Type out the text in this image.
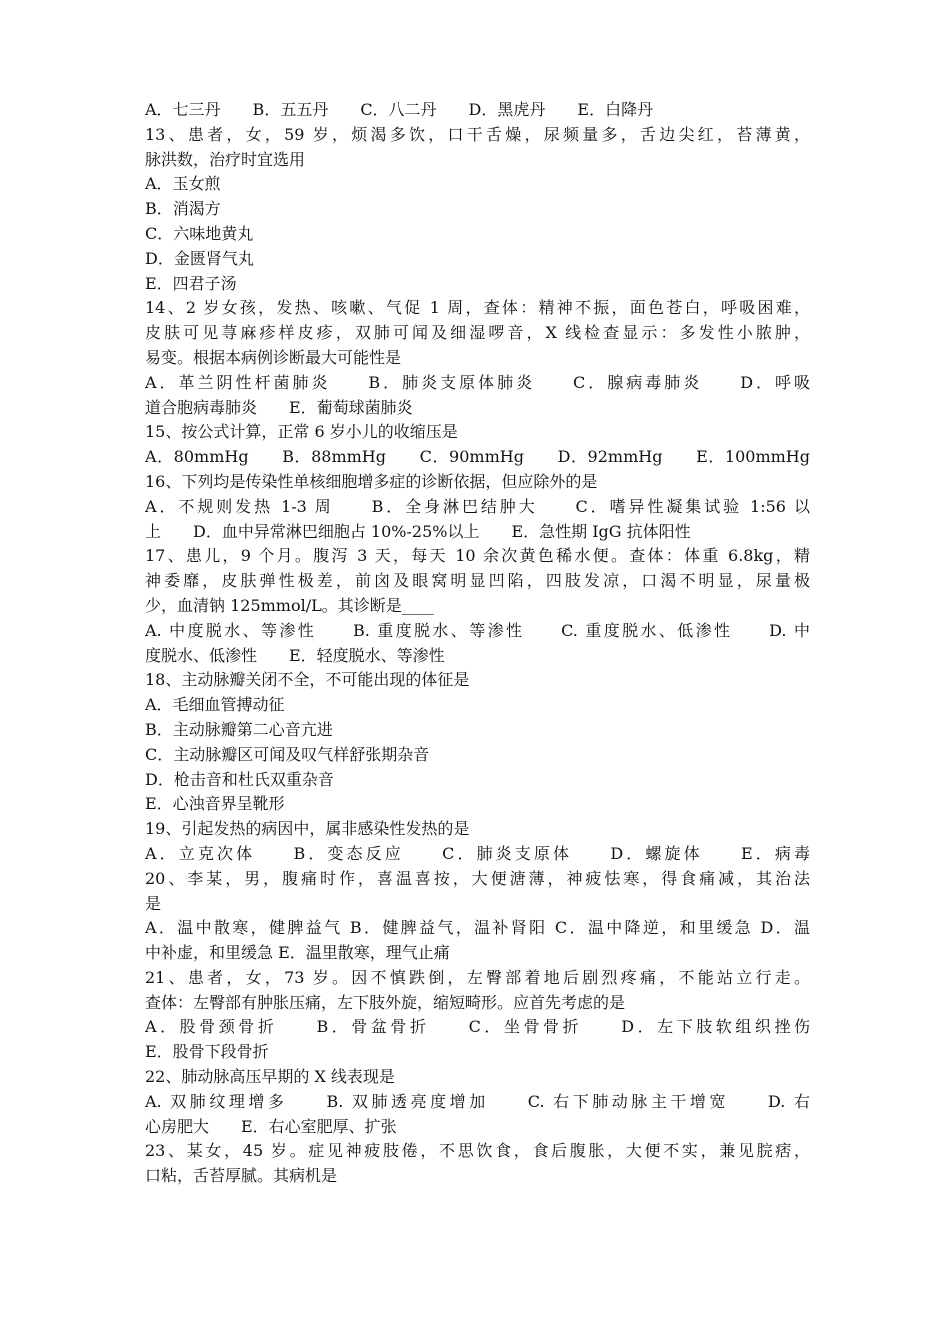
A．七三丹　　B．五五丹　　C．八二丹　　D．黑虎丹　　E．白降丹
13、患者，女，59 岁，烦渴多饮，口干舌燥，尿频量多，舌边尖红，苔薄黄，
脉洪数，治疗时宜选用
A．玉女煎
B．消渴方
C．六味地黄丸
D．金匮肾气丸
E．四君子汤
14、2 岁女孩，发热、咳嗽、气促 1 周，查体：精神不振，面色苍白，呼吸困难，
皮肤可见荨麻疹样皮疹，双肺可闻及细湿啰音，X 线检查显示：多发性小脓肿，
易变。根据本病例诊断最大可能性是
A．革兰阴性杆菌肺炎　　B．肺炎支原体肺炎　　C．腺病毒肺炎　　D．呼吸
道合胞病毒肺炎　　E．葡萄球菌肺炎
15、按公式计算，正常 6 岁小儿的收缩压是
A．80mmHg　　B．88mmHg　　C．90mmHg　　D．92mmHg　　E．100mmHg
16、下列均是传染性单核细胞增多症的诊断依据，但应除外的是
A．不规则发热 1-3 周　　B．全身淋巴结肿大　　C．嗜异性凝集试验 1:56 以
上　　D．血中异常淋巴细胞占 10%-25%以上　　E．急性期 IgG 抗体阳性
17、患儿，9 个月。腹泻 3 天，每天 10 余次黄色稀水便。查体：体重 6.8kg，精
神委靡，皮肤弹性极差，前囟及眼窝明显凹陷，四肢发凉，口渴不明显，尿量极
少，血清钠 125mmol/L。其诊断是____
A. 中度脱水、等渗性　　B. 重度脱水、等渗性　　C. 重度脱水、低渗性　　D. 中
度脱水、低渗性　　E．轻度脱水、等渗性
18、主动脉瓣关闭不全，不可能出现的体征是
A．毛细血管搏动征
B．主动脉瓣第二心音亢进
C．主动脉瓣区可闻及叹气样舒张期杂音
D．枪击音和杜氏双重杂音
E．心浊音界呈靴形
19、引起发热的病因中，属非感染性发热的是
A．立克次体　　B．变态反应　　C．肺炎支原体　　D．螺旋体　　E．病毒
20、李某，男，腹痛时作，喜温喜按，大便溏薄，神疲怯寒，得食痛减，其治法
是
A．温中散寒，健脾益气 B．健脾益气，温补肾阳 C．温中降逆，和里缓急 D．温
中补虚，和里缓急 E．温里散寒，理气止痛
21、患者，女，73 岁。因不慎跌倒，左臀部着地后剧烈疼痛，不能站立行走。
查体：左臀部有肿胀压痛，左下肢外旋，缩短畸形。应首先考虑的是
A．股骨颈骨折　　B．骨盆骨折　　C．坐骨骨折　　D．左下肢软组织挫伤
E．股骨下段骨折
22、肺动脉高压早期的 X 线表现是
A. 双肺纹理增多　　B. 双肺透亮度增加　　C. 右下肺动脉主干增宽　　D. 右
心房肥大　　E．右心室肥厚、扩张
23、某女，45 岁。症见神疲肢倦，不思饮食，食后腹胀，大便不实，兼见脘痞，
口粘，舌苔厚腻。其病机是
